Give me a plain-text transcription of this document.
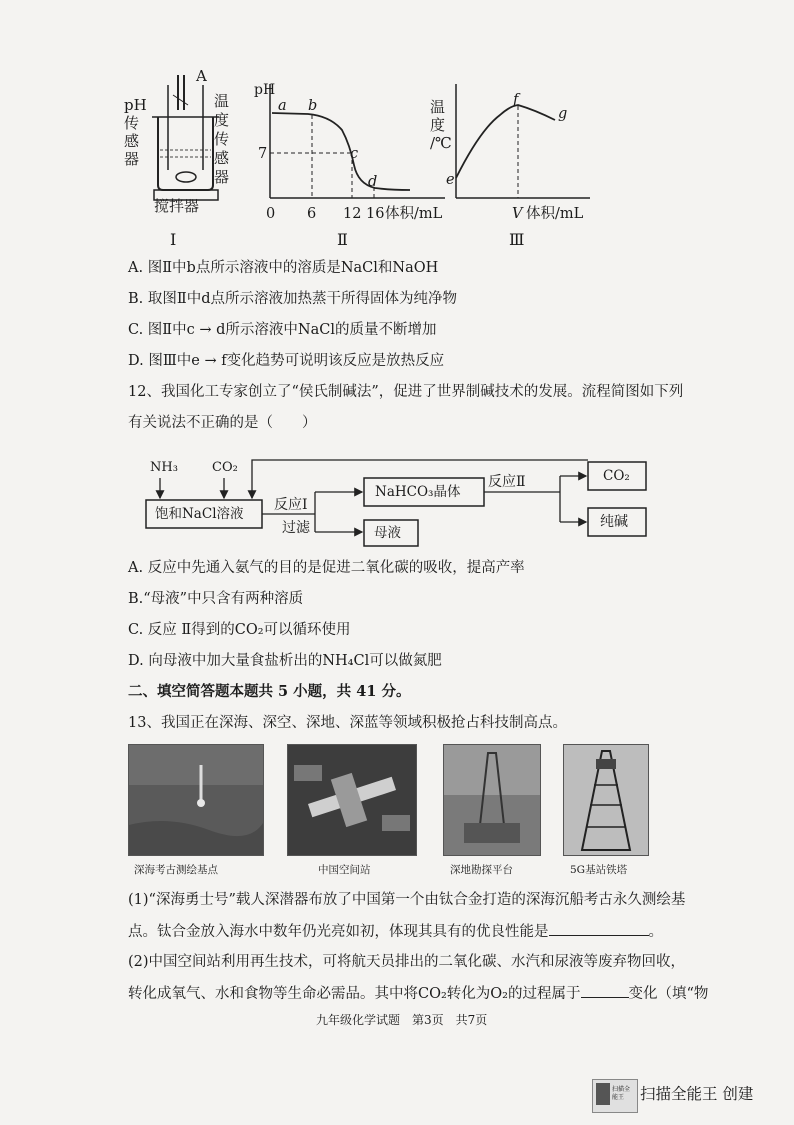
A
pH
传
感
器
温
度
传
感
器
搅拌器
Ⅰ
pH
a b
c
d
7
0 6 12 16 体积/mL
Ⅱ
温
度
/℃
e
f
g
V 体积/mL
Ⅲ
A. 图Ⅱ中b点所示溶液中的溶质是NaCl和NaOH
B. 取图Ⅱ中d点所示溶液加热蒸干所得固体为纯净物
C. 图Ⅱ中c → d所示溶液中NaCl的质量不断增加
D. 图Ⅲ中e → f变化趋势可说明该反应是放热反应
12、我国化工专家创立了“侯氏制碱法”，促进了世界制碱技术的发展。流程简图如下列
有关说法不正确的是（　　）
NH₃	CO₂
饱和NaCl溶液
反应Ⅰ
过滤
NaHCO₃晶体
母液
反应Ⅱ	CO₂
纯碱
A. 反应中先通入氨气的目的是促进二氧化碳的吸收，提高产率
B.“母液”中只含有两种溶质
C. 反应 Ⅱ得到的CO₂可以循环使用
D. 向母液中加大量食盐析出的NH₄Cl可以做氮肥
二、填空简答题本题共 5 小题，共 41 分。
13、我国正在深海、深空、深地、深蓝等领域积极抢占科技制高点。
深海考古测绘基点	中国空间站	深地勘探平台	5G基站铁塔
(1)“深海勇士号”载人深潜器布放了中国第一个由钛合金打造的深海沉船考古永久测绘基
点。钛合金放入海水中数年仍光亮如初，体现其具有的优良性能是	。
(2)中国空间站利用再生技术，可将航天员排出的二氧化碳、水汽和尿液等废弃物回收，
转化成氧气、水和食物等生命必需品。其中将CO₂转化为O₂的过程属于	变化（填“物
九年级化学试题　第3页　共7页
扫描全能王	扫描全能王 创建
